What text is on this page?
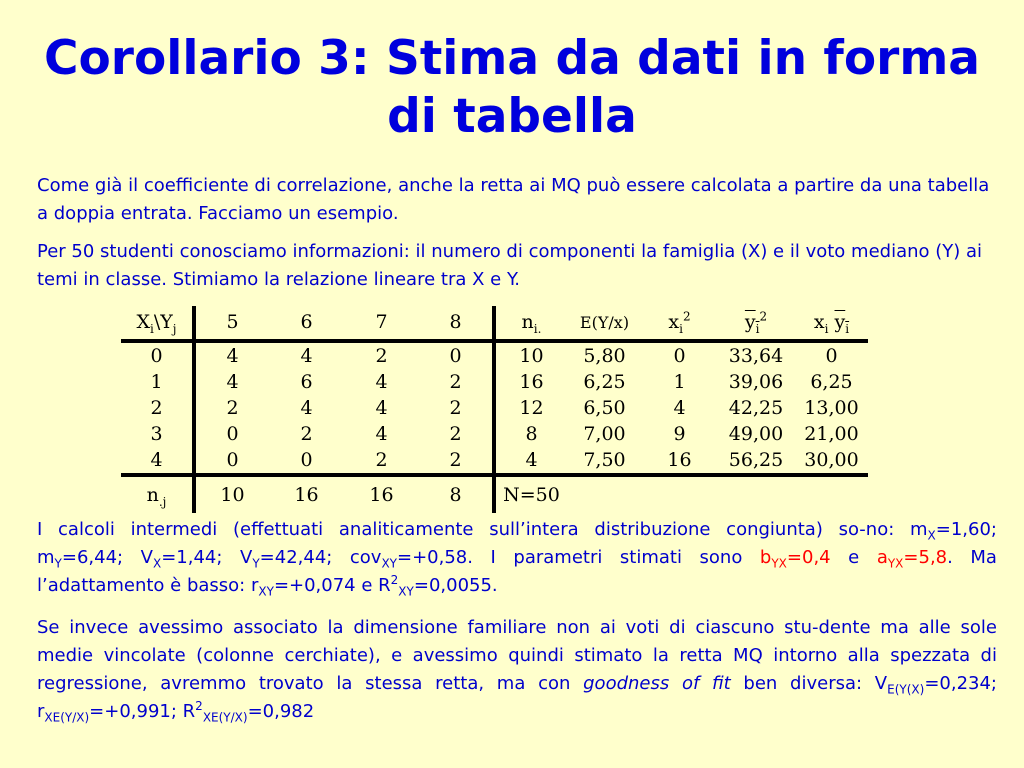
Corollario 3: Stima da dati in forma di tabella
Come già il coefficiente di correlazione, anche la retta ai MQ può essere calcolata a partire da una tabella a doppia entrata. Facciamo un esempio.
Per 50 studenti conosciamo informazioni: il numero di componenti la famiglia (X) e il voto mediano (Y) ai temi in classe. Stimiamo la relazione lineare tra X e Y.
$X_i\backslash Y_j$	5	6	7	8	$n_{i.}$	E(Y/x)	$x_i^2$	$y_i^2$	$x_i$ $y_i$
0	4	4	2	0	10	5,80	0	33,64	0
1	4	6	4	2	16	6,25	1	39,06	6,25
2	2	4	4	2	12	6,50	4	42,25	13,00
3	0	2	4	2	8	7,00	9	49,00	21,00
4	0	0	2	2	4	7,50	16	56,25	30,00
$n_{.j}$	10	16	16	8	N=50				
I calcoli intermedi (effettuati analiticamente sull’intera distribuzione congiunta) so-no: $m_X=1,60$; $m_Y=6,44$; $V_X=1,44$; $V_Y=42,44$; cov$_{XY}$=+0,58. I parametri stimati sono $b_{YX}=0,4$ e $a_{YX}=5,8$. Ma l’adattamento è basso: $r_{XY}=+0,074$ e $R^2_{XY}=0,0055$.
Se invece avessimo associato la dimensione familiare non ai voti di ciascuno stu-dente ma alle sole medie vincolate (colonne cerchiate), e avessimo quindi stimato la retta MQ intorno alla spezzata di regressione, avremmo trovato la stessa retta, ma con goodness of fit ben diversa: $V_{E(Y(X)}=0,234$; $r_{XE(Y/X)}=+0,991$; $R^2_{XE(Y/X)}=0,982$
